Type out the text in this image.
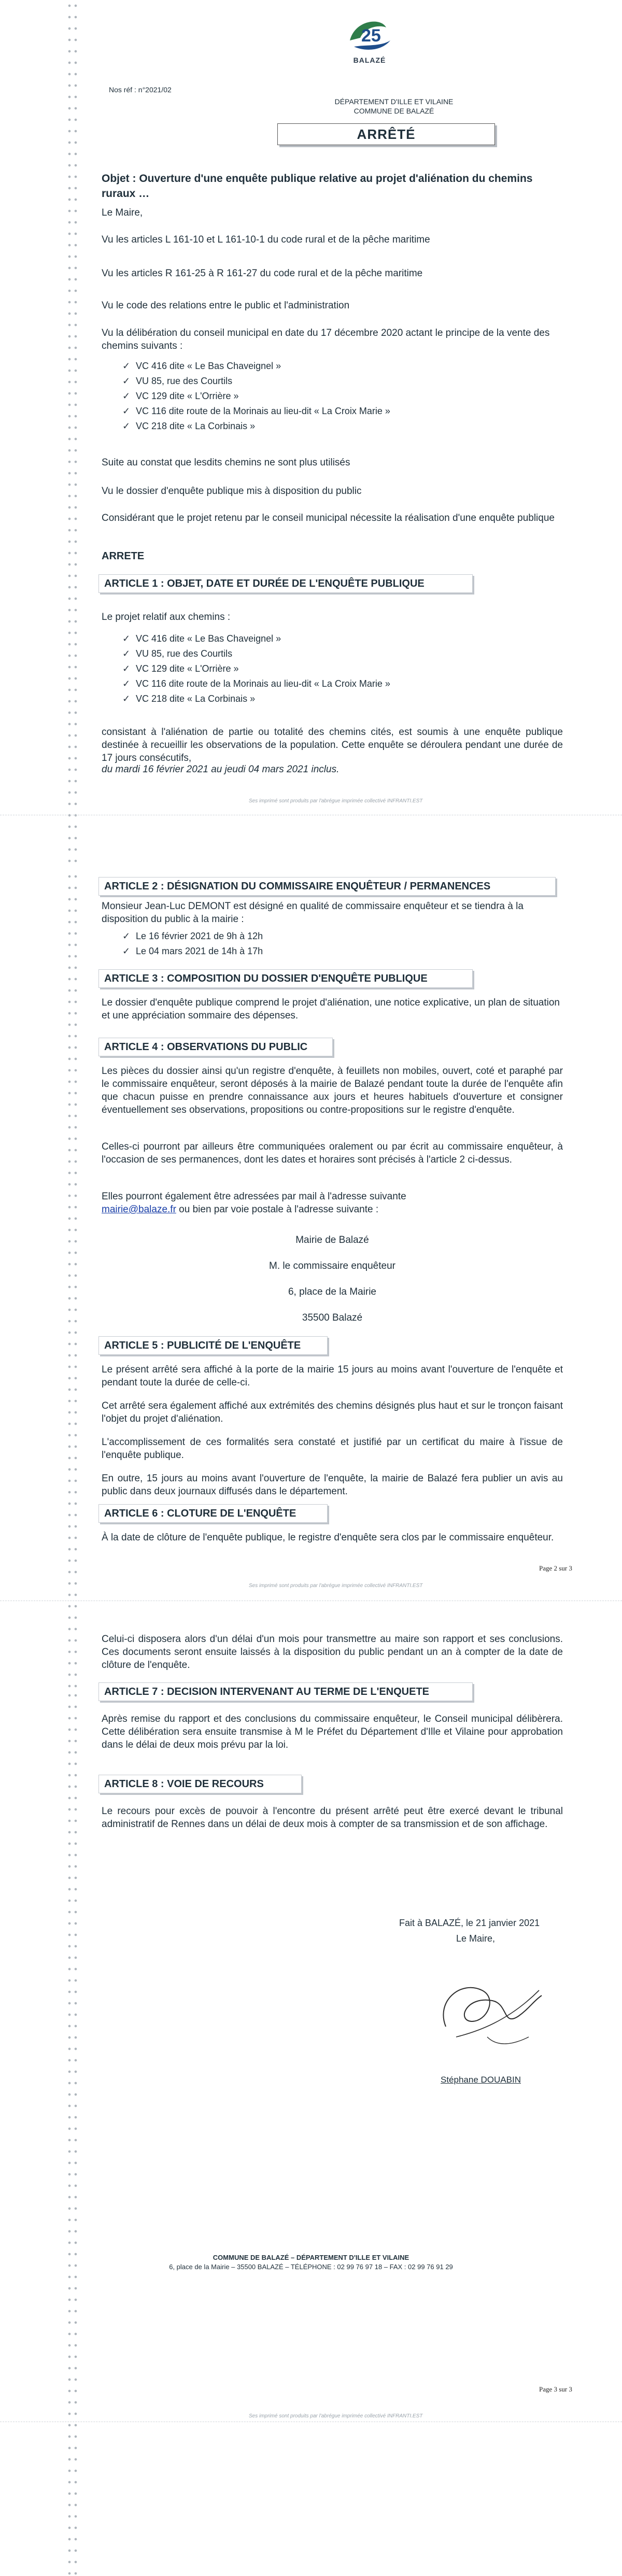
25
BALAZÉ
Nos réf : n°2021/02
DÉPARTEMENT D'ILLE ET VILAINE
COMMUNE DE BALAZÉ
ARRÊTÉ
Objet : Ouverture d'une enquête publique relative au projet d'aliénation du chemins ruraux …
Le Maire,
Vu les articles L 161-10 et L 161-10-1 du code rural et de la pêche maritime
Vu les articles R 161-25 à R 161-27 du code rural et de la pêche maritime
Vu le code des relations entre le public et l'administration
Vu la délibération du conseil municipal en date du 17 décembre 2020 actant le principe de la vente des chemins suivants :
✓ VC 416 dite « Le Bas Chaveignel »
✓ VU 85, rue des Courtils
✓ VC 129 dite « L'Orrière »
✓ VC 116 dite route de la Morinais au lieu-dit « La Croix Marie »
✓ VC 218 dite « La Corbinais »
Suite au constat que lesdits chemins ne sont plus utilisés
Vu le dossier d'enquête publique mis à disposition du public
Considérant que le projet retenu par le conseil municipal nécessite la réalisation d'une enquête publique
ARRETE
ARTICLE 1 : OBJET, DATE ET DURÉE DE L'ENQUÊTE PUBLIQUE
Le projet relatif aux chemins :
✓ VC 416 dite « Le Bas Chaveignel »
✓ VU 85, rue des Courtils
✓ VC 129 dite « L'Orrière »
✓ VC 116 dite route de la Morinais au lieu-dit « La Croix Marie »
✓ VC 218 dite « La Corbinais »
consistant à l'aliénation de partie ou totalité des chemins cités, est soumis à une enquête publique destinée à recueillir les observations de la population. Cette enquête se déroulera pendant une durée de 17 jours consécutifs,
du mardi 16 février 2021 au jeudi 04 mars 2021 inclus.
Ses imprimé sont produits par l'abrégue imprimée collectivé INFRANTI.EST
ARTICLE 2 : DÉSIGNATION DU COMMISSAIRE ENQUÊTEUR / PERMANENCES
Monsieur Jean-Luc DEMONT est désigné en qualité de commissaire enquêteur et se tiendra à la disposition du public à la mairie :
✓ Le 16 février 2021 de 9h à 12h
✓ Le 04 mars 2021 de 14h à 17h
ARTICLE 3 : COMPOSITION DU DOSSIER D'ENQUÊTE PUBLIQUE
Le dossier d'enquête publique comprend le projet d'aliénation, une notice explicative, un plan de situation et une appréciation sommaire des dépenses.
ARTICLE 4 : OBSERVATIONS DU PUBLIC
Les pièces du dossier ainsi qu'un registre d'enquête, à feuillets non mobiles, ouvert, coté et paraphé par le commissaire enquêteur, seront déposés à la mairie de Balazé pendant toute la durée de l'enquête afin que chacun puisse en prendre connaissance aux jours et heures habituels d'ouverture et consigner éventuellement ses observations, propositions ou contre-propositions sur le registre d'enquête.
Celles-ci pourront par ailleurs être communiquées oralement ou par écrit au commissaire enquêteur, à l'occasion de ses permanences, dont les dates et horaires sont précisés à l'article 2 ci-dessus.
Elles pourront également être adressées par mail à l'adresse suivante
mairie@balaze.fr ou bien par voie postale à l'adresse suivante :
Mairie de Balazé
M. le commissaire enquêteur
6, place de la Mairie
35500 Balazé
ARTICLE 5 : PUBLICITÉ DE L'ENQUÊTE
Le présent arrêté sera affiché à la porte de la mairie 15 jours au moins avant l'ouverture de l'enquête et pendant toute la durée de celle-ci.
Cet arrêté sera également affiché aux extrémités des chemins désignés plus haut et sur le tronçon faisant l'objet du projet d'aliénation.
L'accomplissement de ces formalités sera constaté et justifié par un certificat du maire à l'issue de l'enquête publique.
En outre, 15 jours au moins avant l'ouverture de l'enquête, la mairie de Balazé fera publier un avis au public dans deux journaux diffusés dans le département.
ARTICLE 6 : CLOTURE DE L'ENQUÊTE
À la date de clôture de l'enquête publique, le registre d'enquête sera clos par le commissaire enquêteur.
Page 2 sur 3
Ses imprimé sont produits par l'abrégue imprimée collectivé INFRANTI.EST
Celui-ci disposera alors d'un délai d'un mois pour transmettre au maire son rapport et ses conclusions. Ces documents seront ensuite laissés à la disposition du public pendant un an à compter de la date de clôture de l'enquête.
ARTICLE 7 : DECISION INTERVENANT AU TERME DE L'ENQUETE
Après remise du rapport et des conclusions du commissaire enquêteur, le Conseil municipal délibèrera. Cette délibération sera ensuite transmise à M le Préfet du Département d'Ille et Vilaine pour approbation dans le délai de deux mois prévu par la loi.
ARTICLE 8 : VOIE DE RECOURS
Le recours pour excès de pouvoir à l'encontre du présent arrêté peut être exercé devant le tribunal administratif de Rennes dans un délai de deux mois à compter de sa transmission et de son affichage.
Fait à BALAZÉ, le 21 janvier 2021
Le Maire,
Stéphane DOUABIN
COMMUNE DE BALAZÉ – DÉPARTEMENT D'ILLE ET VILAINE
6, place de la Mairie – 35500 BALAZÉ – TÉLÉPHONE : 02 99 76 97 18 – FAX : 02 99 76 91 29
Page 3 sur 3
Ses imprimé sont produits par l'abrégue imprimée collectivé INFRANTI.EST
